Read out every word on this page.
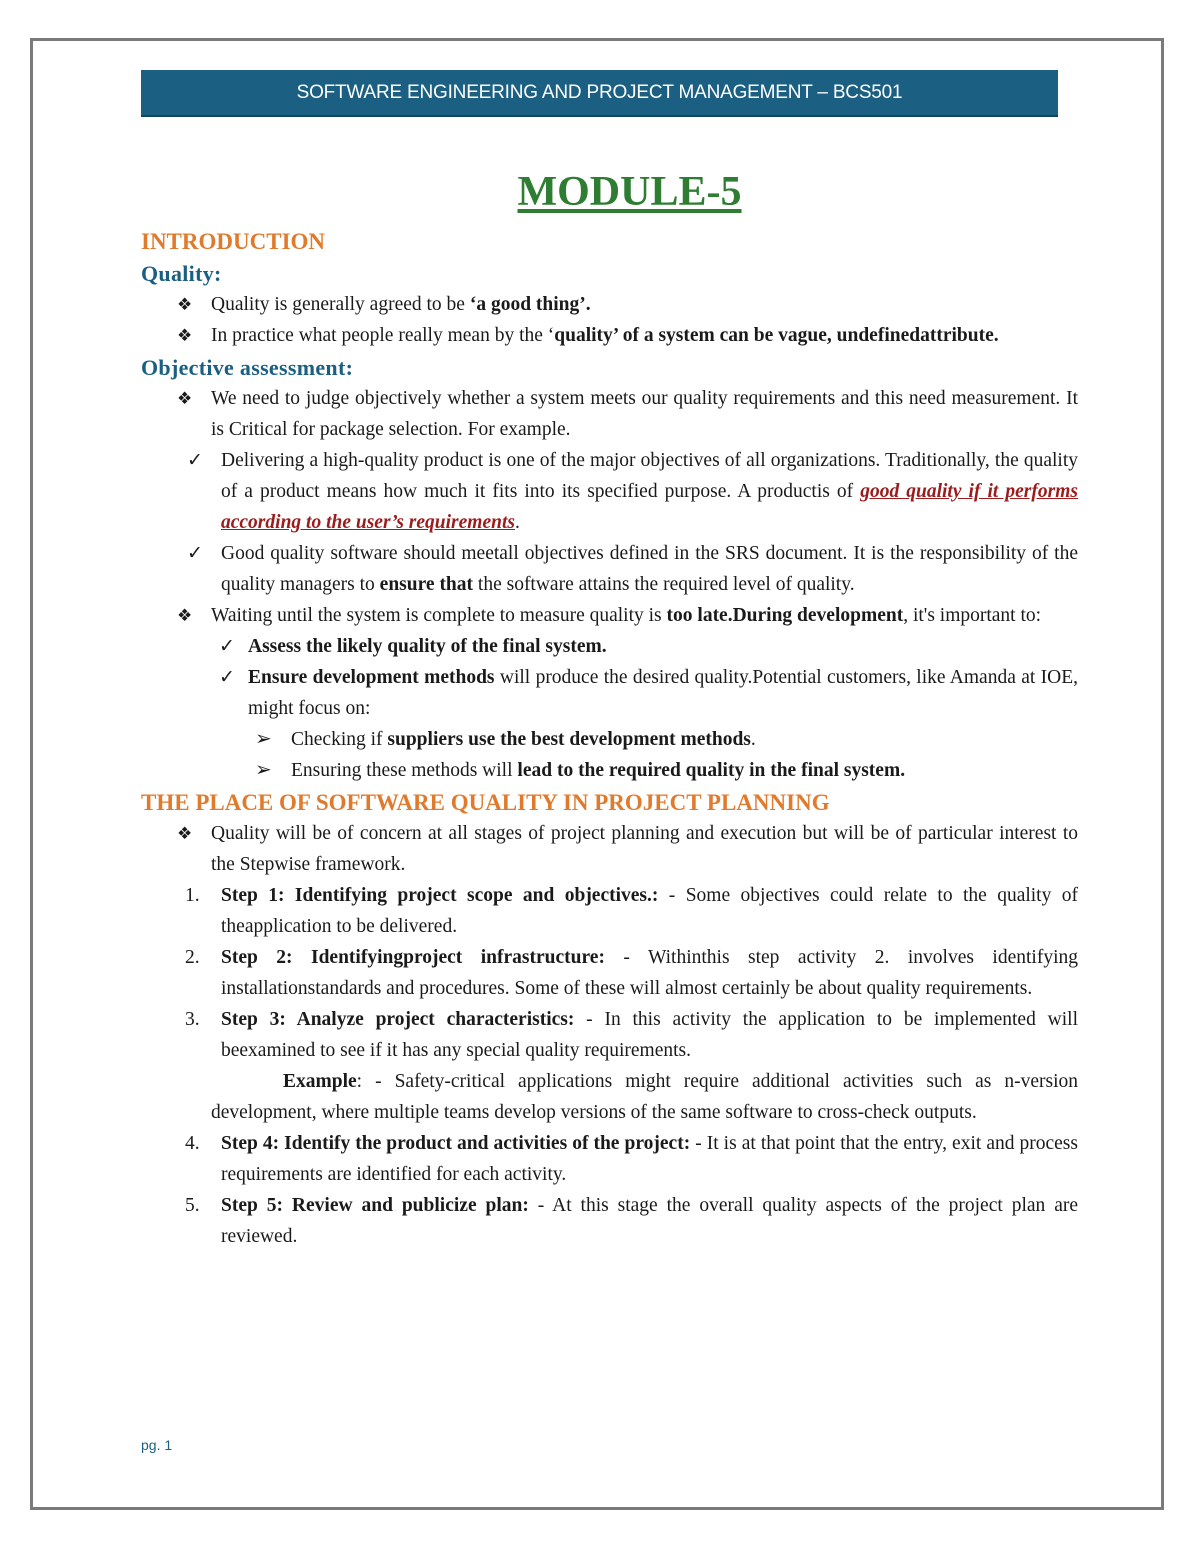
SOFTWARE ENGINEERING AND PROJECT MANAGEMENT – BCS501
MODULE-5
INTRODUCTION
Quality:
❖ Quality is generally agreed to be ‘a good thing’.
❖ In practice what people really mean by the ‘quality’ of a system can be vague, undefinedattribute.
Objective assessment:
❖ We need to judge objectively whether a system meets our quality requirements and this need measurement. It is Critical for package selection. For example.
✓ Delivering a high-quality product is one of the major objectives of all organizations. Traditionally, the quality of a product means how much it fits into its specified purpose. A productis of good quality if it performs according to the user’s requirements.
✓ Good quality software should meetall objectives defined in the SRS document. It is the responsibility of the quality managers to ensure that the software attains the required level of quality.
❖ Waiting until the system is complete to measure quality is too late.During development, it's important to:
✓ Assess the likely quality of the final system.
✓ Ensure development methods will produce the desired quality.Potential customers, like Amanda at IOE, might focus on:
➢ Checking if suppliers use the best development methods.
➢ Ensuring these methods will lead to the required quality in the final system.
THE PLACE OF SOFTWARE QUALITY IN PROJECT PLANNING
❖ Quality will be of concern at all stages of project planning and execution but will be of particular interest to the Stepwise framework.
1. Step 1: Identifying project scope and objectives.: - Some objectives could relate to the quality of theapplication to be delivered.
2. Step 2: Identifyingproject infrastructure: - Withinthis step activity 2. involves identifying installationstandards and procedures. Some of these will almost certainly be about quality requirements.
3. Step 3: Analyze project characteristics: - In this activity the application to be implemented will beexamined to see if it has any special quality requirements.
Example: - Safety-critical applications might require additional activities such as n-version development, where multiple teams develop versions of the same software to cross-check outputs.
4. Step 4: Identify the product and activities of the project: - It is at that point that the entry, exit and process requirements are identified for each activity.
5. Step 5: Review and publicize plan: - At this stage the overall quality aspects of the project plan are reviewed.
pg. 1
